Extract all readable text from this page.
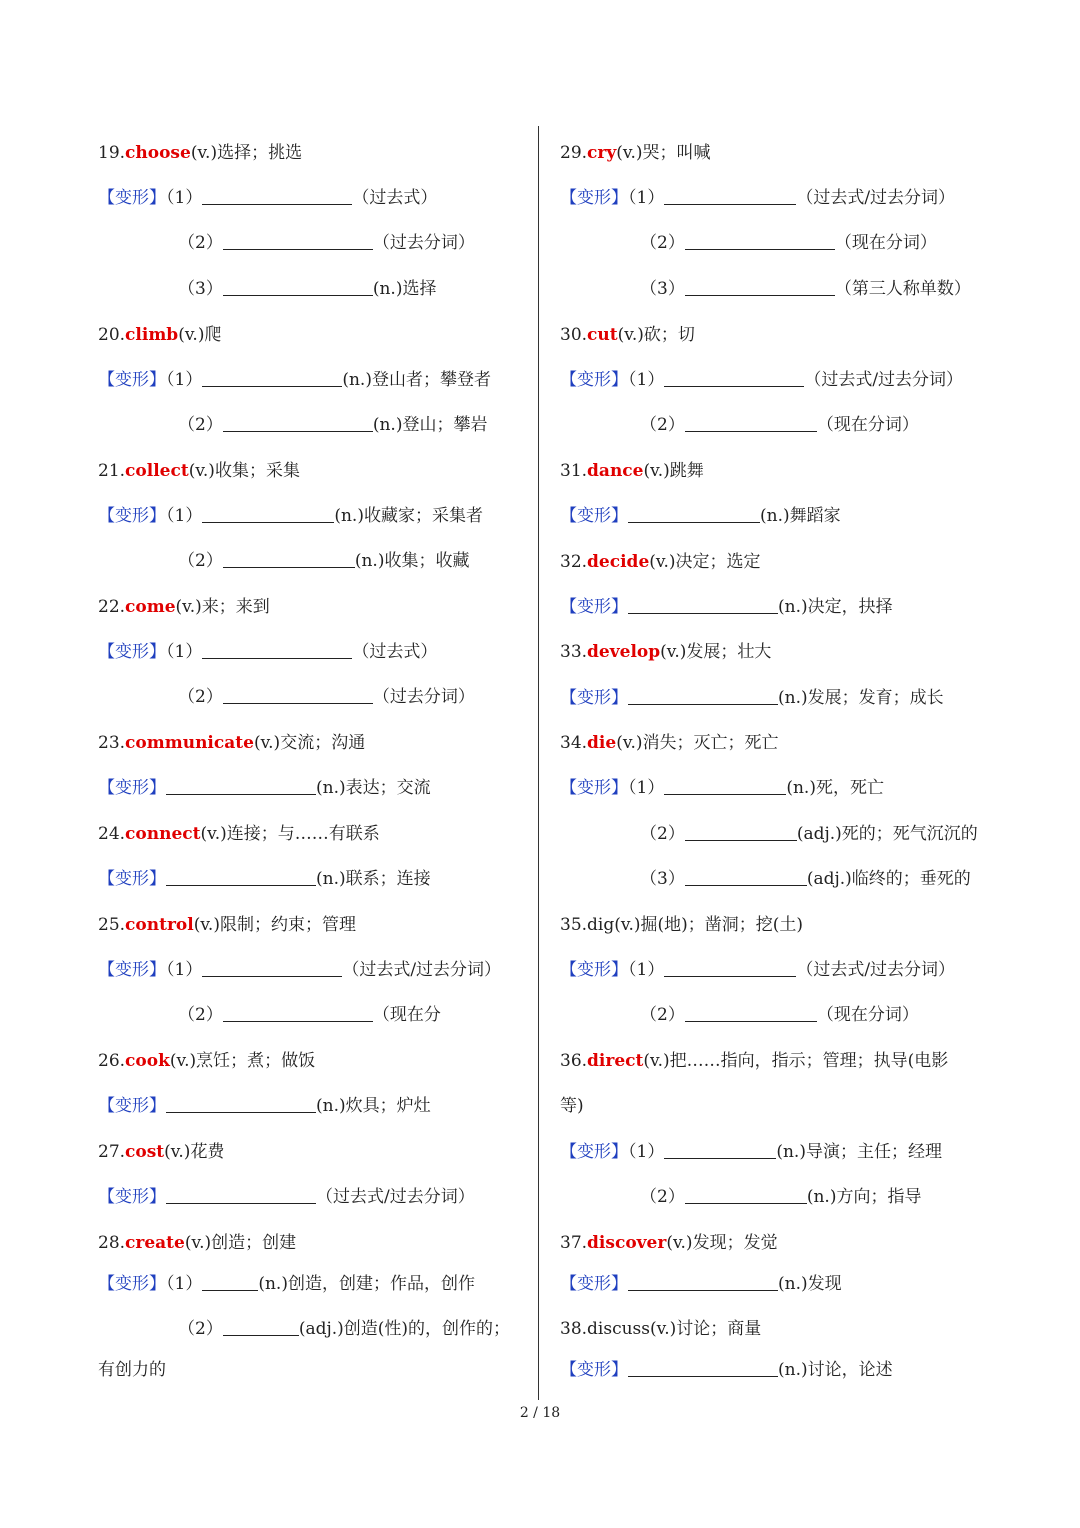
19.choose(v.)选择；挑选
【变形】（1）	（过去式）
（2）	（过去分词）
（3）	(n.)选择
20.climb(v.)爬
【变形】（1）	(n.)登山者；攀登者
（2）	(n.)登山；攀岩
21.collect(v.)收集；采集
【变形】（1）	(n.)收藏家；采集者
（2）	(n.)收集；收藏
22.come(v.)来；来到
【变形】（1）	（过去式）
（2）	（过去分词）
23.communicate(v.)交流；沟通
【变形】	(n.)表达；交流
24.connect(v.)连接；与……有联系
【变形】	(n.)联系；连接
25.control(v.)限制；约束；管理
【变形】（1）	（过去式/过去分词）
（2）	（现在分
26.cook(v.)烹饪；煮；做饭
【变形】	(n.)炊具；炉灶
27.cost(v.)花费
【变形】	（过去式/过去分词）
28.create(v.)创造；创建
【变形】（1）	(n.)创造，创建；作品，创作
（2）	(adj.)创造(性)的，创作的；
有创力的
29.cry(v.)哭；叫喊
【变形】（1）	（过去式/过去分词）
（2）	（现在分词）
（3）	（第三人称单数）
30.cut(v.)砍；切
【变形】（1）	（过去式/过去分词）
（2）	（现在分词）
31.dance(v.)跳舞
【变形】	(n.)舞蹈家
32.decide(v.)决定；选定
【变形】	(n.)决定，抉择
33.develop(v.)发展；壮大
【变形】	(n.)发展；发育；成长
34.die(v.)消失；灭亡；死亡
【变形】（1）	(n.)死，死亡
（2）	(adj.)死的；死气沉沉的
（3）	(adj.)临终的；垂死的
35.dig(v.)掘(地)；凿洞；挖(土)
【变形】（1）	（过去式/过去分词）
（2）	（现在分词）
36.direct(v.)把……指向，指示；管理；执导(电影
等)
【变形】（1）	(n.)导演；主任；经理
（2）	(n.)方向；指导
37.discover(v.)发现；发觉
【变形】	(n.)发现
38.discuss(v.)讨论；商量
【变形】	(n.)讨论，论述
2 / 18
